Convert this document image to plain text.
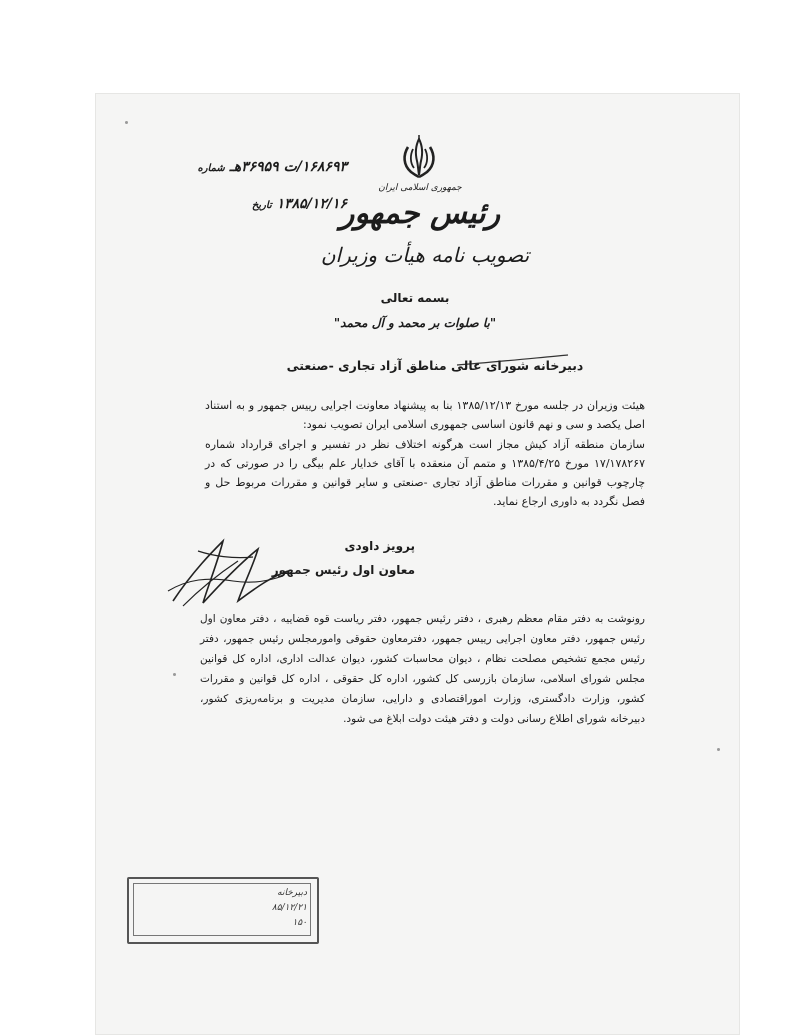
جمهوری اسلامی ایران
رئیس جمهور
تصویب نامه هیأت وزیران
۱۶۸۶۹۳/ت ۳۶۹۵۹هـ شماره
۱۳۸۵/۱۲/۱۶ تاریخ
بسمه تعالی
"با صلوات بر محمد و آل محمد"
دبیرخانه شورای عالی مناطق آزاد تجاری -صنعتی

هیئت وزیران در جلسه مورخ ۱۳۸۵/۱۲/۱۳ بنا به پیشنهاد معاونت اجرایی رییس جمهور و به استناد اصل یکصد و سی و نهم قانون اساسی جمهوری اسلامی ایران تصویب نمود:

سازمان منطقه آزاد کیش مجاز است هرگونه اختلاف نظر در تفسیر و اجرای قرارداد شماره ۱۷/۱۷۸۲۶۷ مورخ ۱۳۸۵/۴/۲۵ و متمم آن منعقده با آقای خدایار علم بیگی را در صورتی که در چارچوب قوانین و مقررات مناطق آزاد تجاری -صنعتی و سایر قوانین و مقررات مربوط حل و فصل نگردد به داوری ارجاع نماید.

پرویز داودی
معاون اول رئیس جمهور
رونوشت به دفتر مقام معظم رهبری ، دفتر رئیس جمهور، دفتر ریاست قوه قضاییه ، دفتر معاون اول رئیس جمهور، دفتر معاون اجرایی رییس جمهور، دفترمعاون حقوقی وامورمجلس رئیس جمهور، دفتر رئیس مجمع تشخیص مصلحت نظام ، دیوان محاسبات کشور، دیوان عدالت اداری، اداره کل قوانین مجلس شورای اسلامی، سازمان بازرسی کل کشور، اداره کل حقوقی ، اداره کل قوانین و مقررات کشور، وزارت دادگستری، وزارت اموراقتصادی و دارایی، سازمان مدیریت و برنامه‌ریزی کشور، دبیرخانه شورای اطلاع رسانی دولت و دفتر هیئت دولت ابلاغ می شود.
دبیرخانه
۸۵/۱۲/۲۱
۱۵۰
